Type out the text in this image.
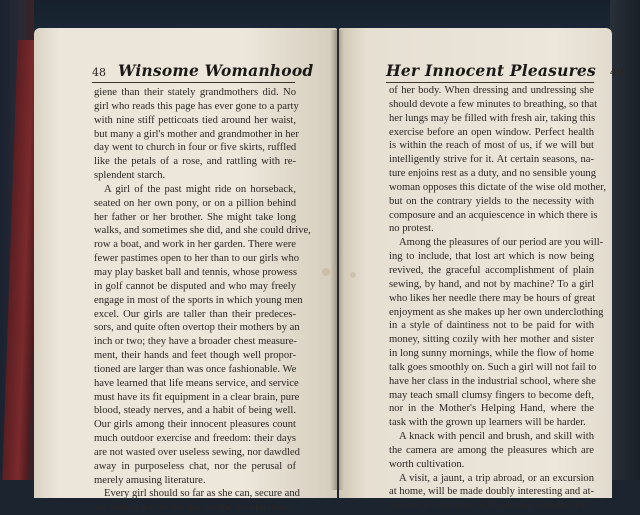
48 Winsome Womanhood	Her Innocent Pleasures 49
giene than their stately grandmothers did. No
girl who reads this page has ever gone to a party
with nine stiff petticoats tied around her waist,
but many a girl's mother and grandmother in her
day went to church in four or five skirts, ruffled
like the petals of a rose, and rattling with re-
splendent starch.
A girl of the past might ride on horseback,
seated on her own pony, or on a pillion behind
her father or her brother. She might take long
walks, and sometimes she did, and she could drive,
row a boat, and work in her garden. There were
fewer pastimes open to her than to our girls who
may play basket ball and tennis, whose prowess
in golf cannot be disputed and who may freely
engage in most of the sports in which young men
excel. Our girls are taller than their predeces-
sors, and quite often overtop their mothers by an
inch or two; they have a broader chest measure-
ment, their hands and feet though well propor-
tioned are larger than was once fashionable. We
have learned that life means service, and service
must have its fit equipment in a clear brain, pure
blood, steady nerves, and a habit of being well.
Our girls among their innocent pleasures count
much outdoor exercise and freedom: their days
are not wasted over useless sewing, nor dawdled
away in purposeless chat, nor the perusal of
merely amusing literature.
Every girl should so far as she can, secure and
set aside a part of the day for the development
of her body. When dressing and undressing she
should devote a few minutes to breathing, so that
her lungs may be filled with fresh air, taking this
exercise before an open window. Perfect health
is within the reach of most of us, if we will but
intelligently strive for it. At certain seasons, na-
ture enjoins rest as a duty, and no sensible young
woman opposes this dictate of the wise old mother,
but on the contrary yields to the necessity with
composure and an acquiescence in which there is
no protest.
Among the pleasures of our period are you will-
ing to include, that lost art which is now being
revived, the graceful accomplishment of plain
sewing, by hand, and not by machine? To a girl
who likes her needle there may be hours of great
enjoyment as she makes up her own underclothing
in a style of daintiness not to be paid for with
money, sitting cozily with her mother and sister
in long sunny mornings, while the flow of home
talk goes smoothly on. Such a girl will not fail to
have her class in the industrial school, where she
may teach small clumsy fingers to become deft,
nor in the Mother's Helping Hand, where the
task with the grown up learners will be harder.
A knack with pencil and brush, and skill with
the camera are among the pleasures which are
worth cultivation.
A visit, a jaunt, a trip abroad, or an excursion
at home, will be made doubly interesting and at-
tractive if souvenirs of its peculiar features are
